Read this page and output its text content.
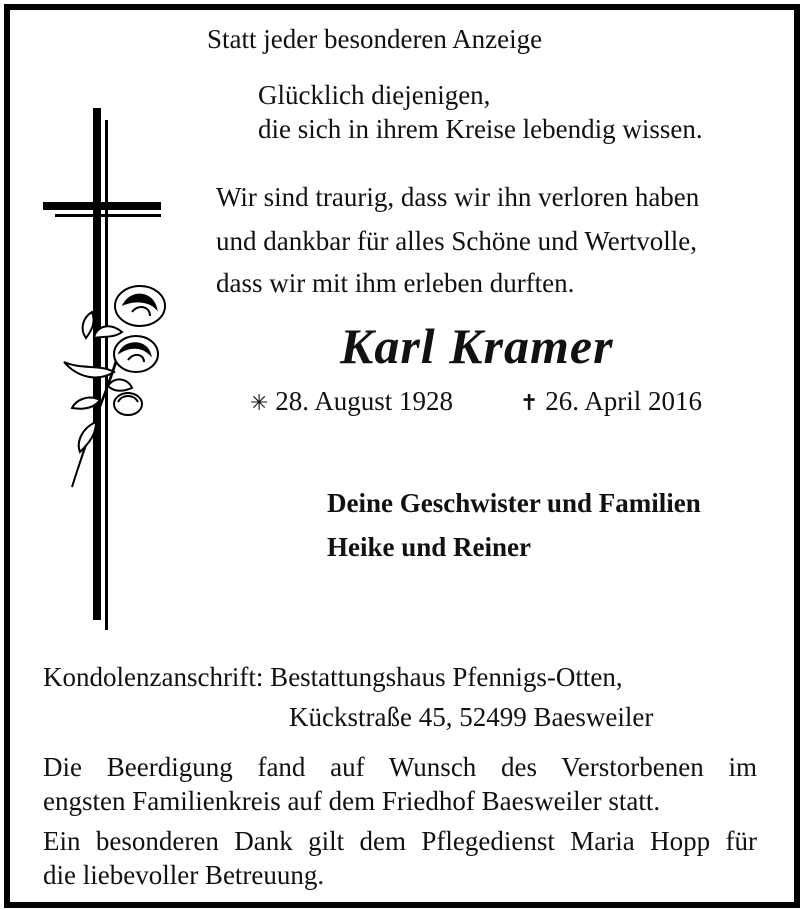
Statt jeder besonderen Anzeige
Glücklich diejenigen,
die sich in ihrem Kreise lebendig wissen.
Wir sind traurig, dass wir ihn verloren haben
und dankbar für alles Schöne und Wertvolle,
dass wir mit ihm erleben durften.
Karl Kramer
✳ 28. August 1928	✝ 26. April 2016
Deine Geschwister und Familien
Heike und Reiner
Kondolenzanschrift: Bestattungshaus Pfennigs-Otten,
Kückstraße 45, 52499 Baesweiler
Die Beerdigung fand auf Wunsch des Verstorbenen im
engsten Familienkreis auf dem Friedhof Baesweiler statt.
Ein besonderen Dank gilt dem Pflegedienst Maria Hopp für
die liebevoller Betreuung.
